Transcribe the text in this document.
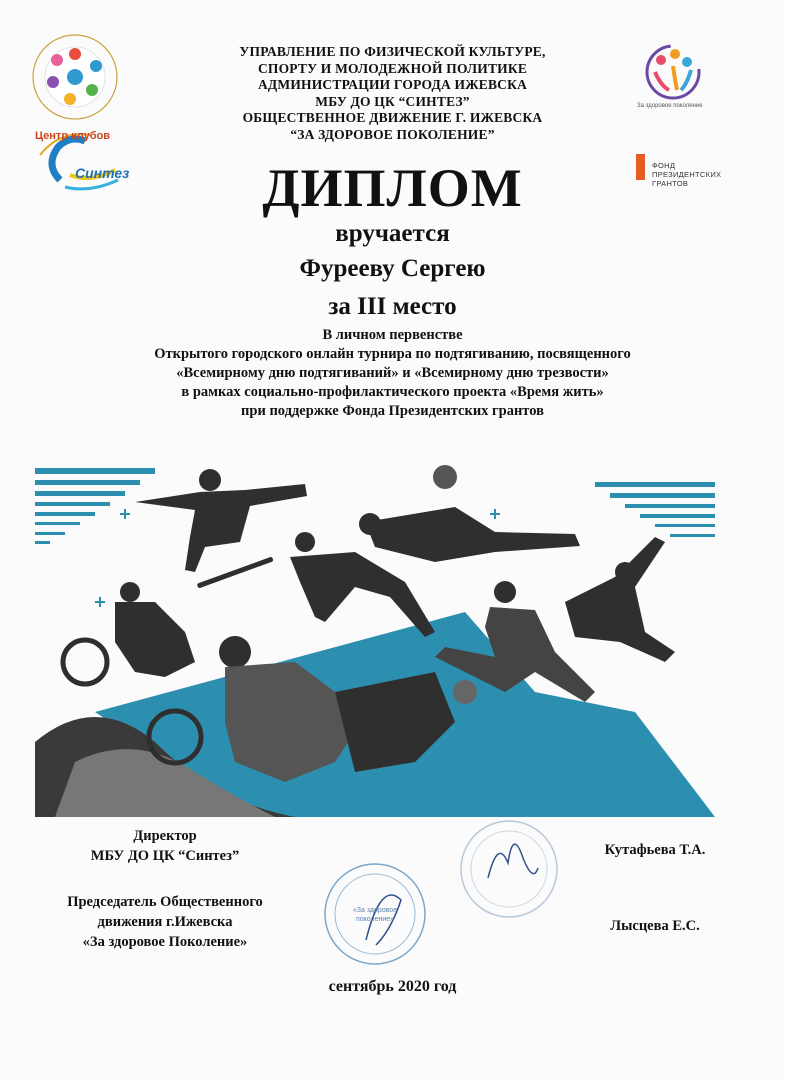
Центр клубов
Синтез
За здоровое поколение
ФОНД
ПРЕЗИДЕНТСКИХ
ГРАНТОВ
УПРАВЛЕНИЕ ПО ФИЗИЧЕСКОЙ КУЛЬТУРЕ,
СПОРТУ И МОЛОДЕЖНОЙ ПОЛИТИКЕ
АДМИНИСТРАЦИИ ГОРОДА ИЖЕВСКА
МБУ ДО ЦК “СИНТЕЗ”
ОБЩЕСТВЕННОЕ ДВИЖЕНИЕ Г. ИЖЕВСКА
“ЗА ЗДОРОВОЕ ПОКОЛЕНИЕ”
ДИПЛОМ
вручается
Фурееву Сергею
за III место
В личном первенстве
Открытого городского онлайн турнира по подтягиванию, посвященного
«Всемирному дню подтягиваний» и «Всемирному дню трезвости»
в рамках социально-профилактического проекта «Время жить»
при поддержке Фонда Президентских грантов
«За здоровое поколение»
Директор
МБУ ДО ЦК “Синтез”	Кутафьева Т.А.
Председатель Общественного
движения г.Ижевска
«За здоровое Поколение»
Лысцева Е.С.
сентябрь 2020 год
